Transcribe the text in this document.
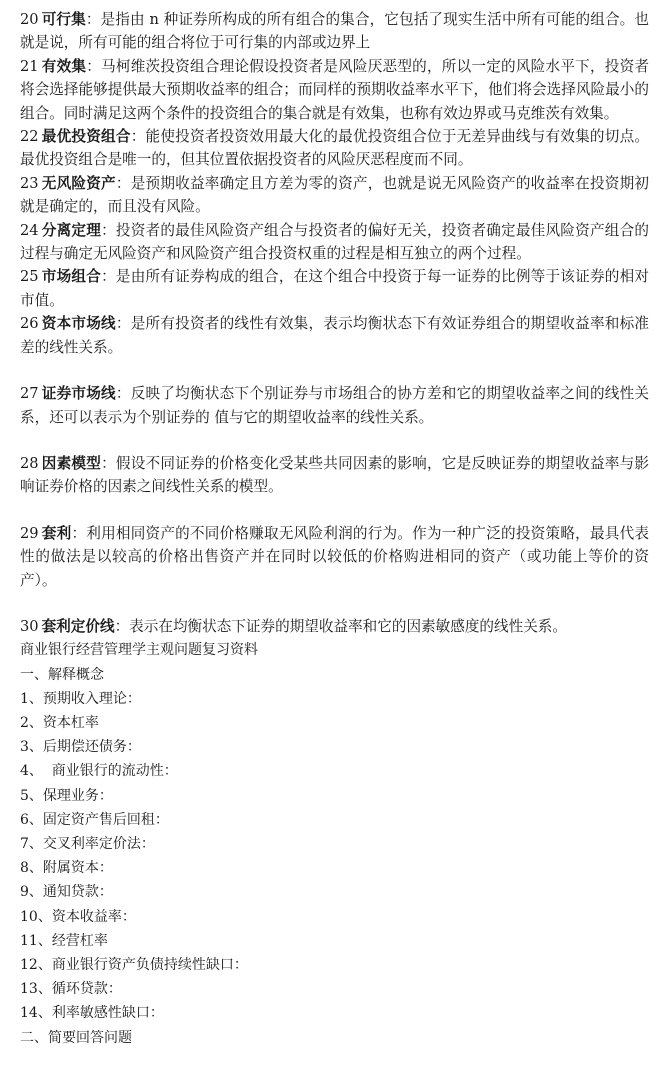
20 可行集：是指由 n 种证券所构成的所有组合的集合，它包括了现实生活中所有可能的组合。也就是说，所有可能的组合将位于可行集的内部或边界上

21 有效集：马柯维茨投资组合理论假设投资者是风险厌恶型的，所以一定的风险水平下，投资者将会选择能够提供最大预期收益率的组合；而同样的预期收益率水平下，他们将会选择风险最小的组合。同时满足这两个条件的投资组合的集合就是有效集，也称有效边界或马克维茨有效集。

22 最优投资组合：能使投资者投资效用最大化的最优投资组合位于无差异曲线与有效集的切点。最优投资组合是唯一的，但其位置依据投资者的风险厌恶程度而不同。

23 无风险资产：是预期收益率确定且方差为零的资产，也就是说无风险资产的收益率在投资期初就是确定的，而且没有风险。

24 分离定理：投资者的最佳风险资产组合与投资者的偏好无关，投资者确定最佳风险资产组合的过程与确定无风险资产和风险资产组合投资权重的过程是相互独立的两个过程。

25 市场组合：是由所有证券构成的组合，在这个组合中投资于每一证券的比例等于该证券的相对市值。

26 资本市场线：是所有投资者的线性有效集，表示均衡状态下有效证券组合的期望收益率和标准差的线性关系。

27 证券市场线：反映了均衡状态下个别证券与市场组合的协方差和它的期望收益率之间的线性关系，还可以表示为个别证券的 值与它的期望收益率的线性关系。

28 因素模型：假设不同证券的价格变化受某些共同因素的影响，它是反映证券的期望收益率与影响证券价格的因素之间线性关系的模型。

29 套利：利用相同资产的不同价格赚取无风险利润的行为。作为一种广泛的投资策略，最具代表性的做法是以较高的价格出售资产并在同时以较低的价格购进相同的资产（或功能上等价的资产）。

30 套利定价线：表示在均衡状态下证券的期望收益率和它的因素敏感度的线性关系。

商业银行经营管理学主观问题复习资料
一、解释概念
1、预期收入理论：
2、资本杠率
3、后期偿还债务：
4、  商业银行的流动性：
5、保理业务：
6、固定资产售后回租：
7、交叉利率定价法：
8、附属资本：
9、通知贷款：
10、资本收益率：
11、经营杠率
12、商业银行资产负债持续性缺口：
13、循环贷款：
14、利率敏感性缺口：
二、简要回答问题
